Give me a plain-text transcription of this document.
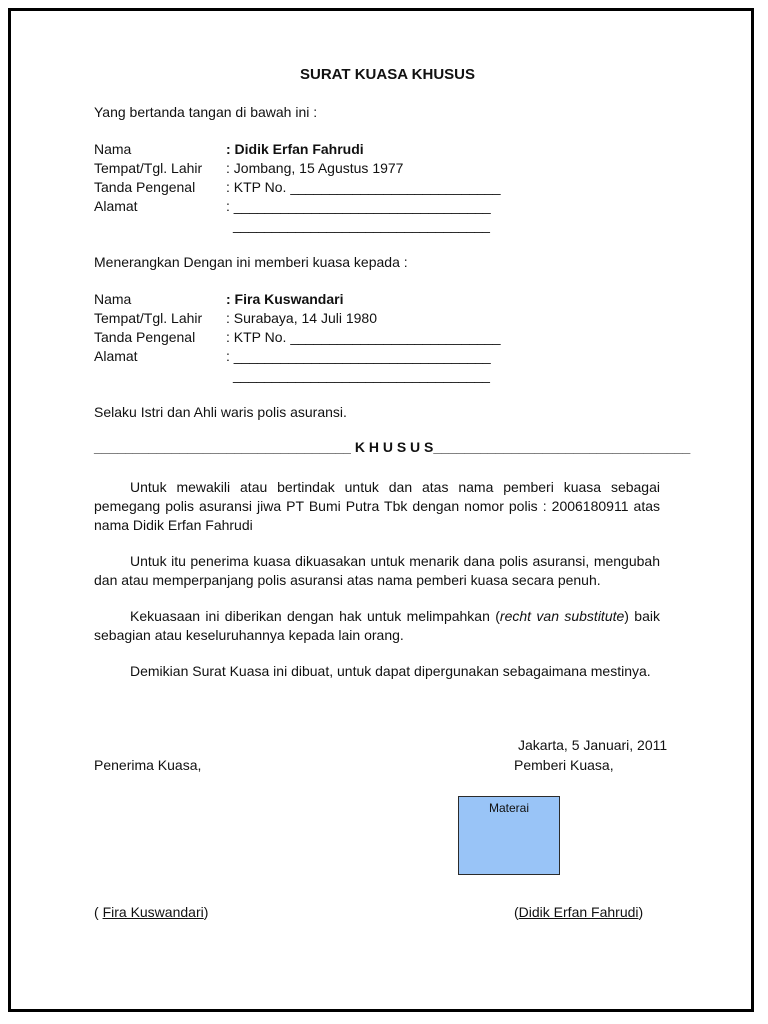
SURAT KUASA KHUSUS
Yang bertanda tangan di bawah ini :
Nama	: Didik Erfan Fahrudi
Tempat/Tgl. Lahir : Jombang, 15 Agustus 1977
Tanda Pengenal : KTP No. ___________________________
Alamat	: _________________________________
_________________________________
Menerangkan Dengan ini memberi kuasa kepada :
Nama	: Fira Kuswandari
Tempat/Tgl. Lahir : Surabaya, 14 Juli 1980
Tanda Pengenal : KTP No. ___________________________
Alamat	: _________________________________
_________________________________
Selaku Istri dan Ahli waris polis asuransi.
_________________________________ K H U S U S_________________________________

Untuk mewakili atau bertindak untuk dan atas nama pemberi kuasa sebagai pemegang polis asuransi jiwa PT Bumi Putra Tbk dengan nomor polis : 2006180911 atas nama Didik Erfan Fahrudi

Untuk itu penerima kuasa dikuasakan untuk menarik dana polis asuransi, mengubah dan atau memperpanjang polis asuransi atas nama pemberi kuasa secara penuh.

Kekuasaan ini diberikan dengan hak untuk melimpahkan (recht van substitute) baik sebagian atau keseluruhannya kepada lain orang.

Demikian Surat Kuasa ini dibuat, untuk dapat dipergunakan sebagaimana mestinya.

Jakarta, 5 Januari, 2011
Penerima Kuasa,	Pemberi Kuasa,
Materai
( Fira Kuswandari)	(Didik Erfan Fahrudi)
